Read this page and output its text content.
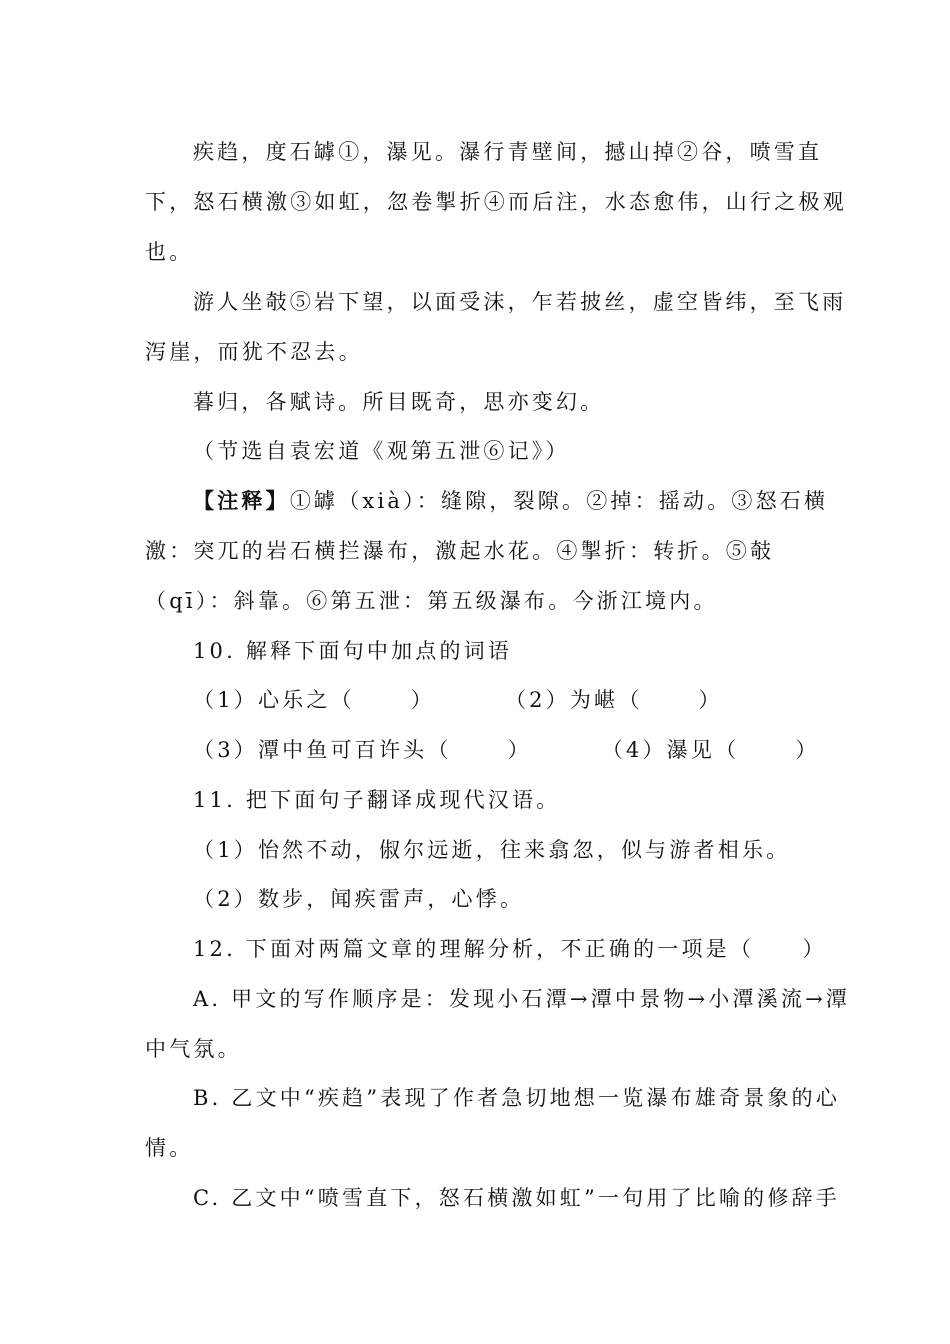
疾趋，度石罅①，瀑见。瀑行青壁间，撼山掉②谷，喷雪直
下，怒石横激③如虹，忽卷掣折④而后注，水态愈伟，山行之极观
也。
游人坐攲⑤岩下望，以面受沫，乍若披丝，虚空皆纬，至飞雨
泻崖，而犹不忍去。
暮归，各赋诗。所目既奇，思亦变幻。
（节选自袁宏道《观第五泄⑥记》）
【注释】①罅（xià）：缝隙，裂隙。②掉：摇动。③怒石横
激：突兀的岩石横拦瀑布，激起水花。④掣折：转折。⑤攲
（qī）：斜靠。⑥第五泄：第五级瀑布。今浙江境内。
10. 解释下面句中加点的词语
（1）心乐之（	）	（2）为嵁（	）
（3）潭中鱼可百许头（	）	（4）瀑见（	）
11. 把下面句子翻译成现代汉语。
（1）怡然不动，俶尔远逝，往来翕忽，似与游者相乐。
（2）数步，闻疾雷声，心悸。
12. 下面对两篇文章的理解分析，不正确的一项是（　　）
A. 甲文的写作顺序是：发现小石潭→潭中景物→小潭溪流→潭
中气氛。
B. 乙文中“疾趋”表现了作者急切地想一览瀑布雄奇景象的心
情。
C. 乙文中“喷雪直下，怒石横激如虹”一句用了比喻的修辞手
